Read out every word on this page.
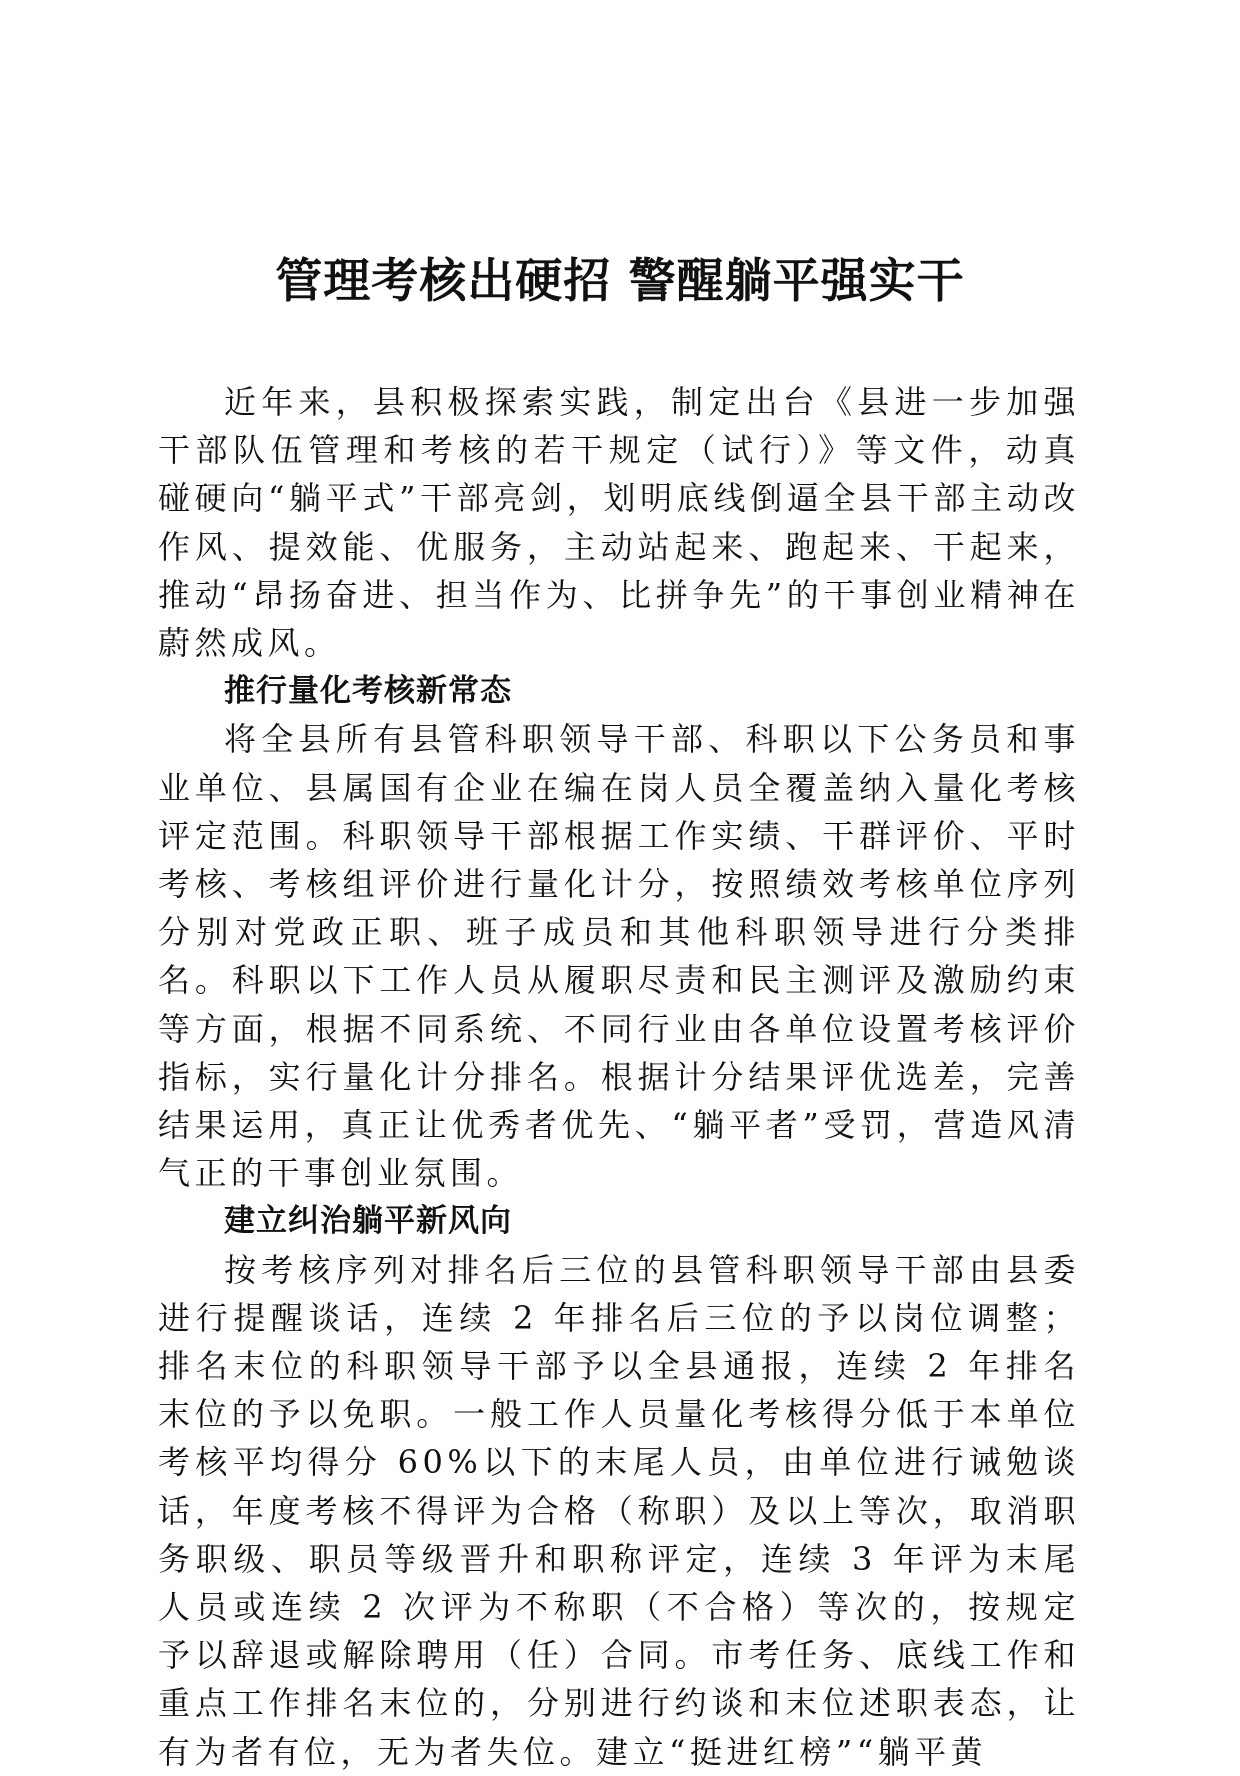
管理考核出硬招 警醒躺平强实干

近年来，县积极探索实践，制定出台《县进一步加强干部队伍管理和考核的若干规定（试行）》等文件，动真碰硬向“躺平式”干部亮剑，划明底线倒逼全县干部主动改作风、提效能、优服务，主动站起来、跑起来、干起来，推动“昂扬奋进、担当作为、比拼争先”的干事创业精神在蔚然成风。

推行量化考核新常态

将全县所有县管科职领导干部、科职以下公务员和事业单位、县属国有企业在编在岗人员全覆盖纳入量化考核评定范围。科职领导干部根据工作实绩、干群评价、平时考核、考核组评价进行量化计分，按照绩效考核单位序列分别对党政正职、班子成员和其他科职领导进行分类排名。科职以下工作人员从履职尽责和民主测评及激励约束等方面，根据不同系统、不同行业由各单位设置考核评价指标，实行量化计分排名。根据计分结果评优选差，完善结果运用，真正让优秀者优先、“躺平者”受罚，营造风清气正的干事创业氛围。

建立纠治躺平新风向

按考核序列对排名后三位的县管科职领导干部由县委进行提醒谈话，连续 2 年排名后三位的予以岗位调整；排名末位的科职领导干部予以全县通报，连续 2 年排名末位的予以免职。一般工作人员量化考核得分低于本单位考核平均得分 60%以下的末尾人员，由单位进行诫勉谈话，年度考核不得评为合格（称职）及以上等次，取消职务职级、职员等级晋升和职称评定，连续 3 年评为末尾人员或连续 2 次评为不称职（不合格）等次的，按规定予以辞退或解除聘用（任）合同。市考任务、底线工作和重点工作排名末位的，分别进行约谈和末位述职表态，让有为者有位，无为者失位。建立“挺进红榜”“躺平黄
